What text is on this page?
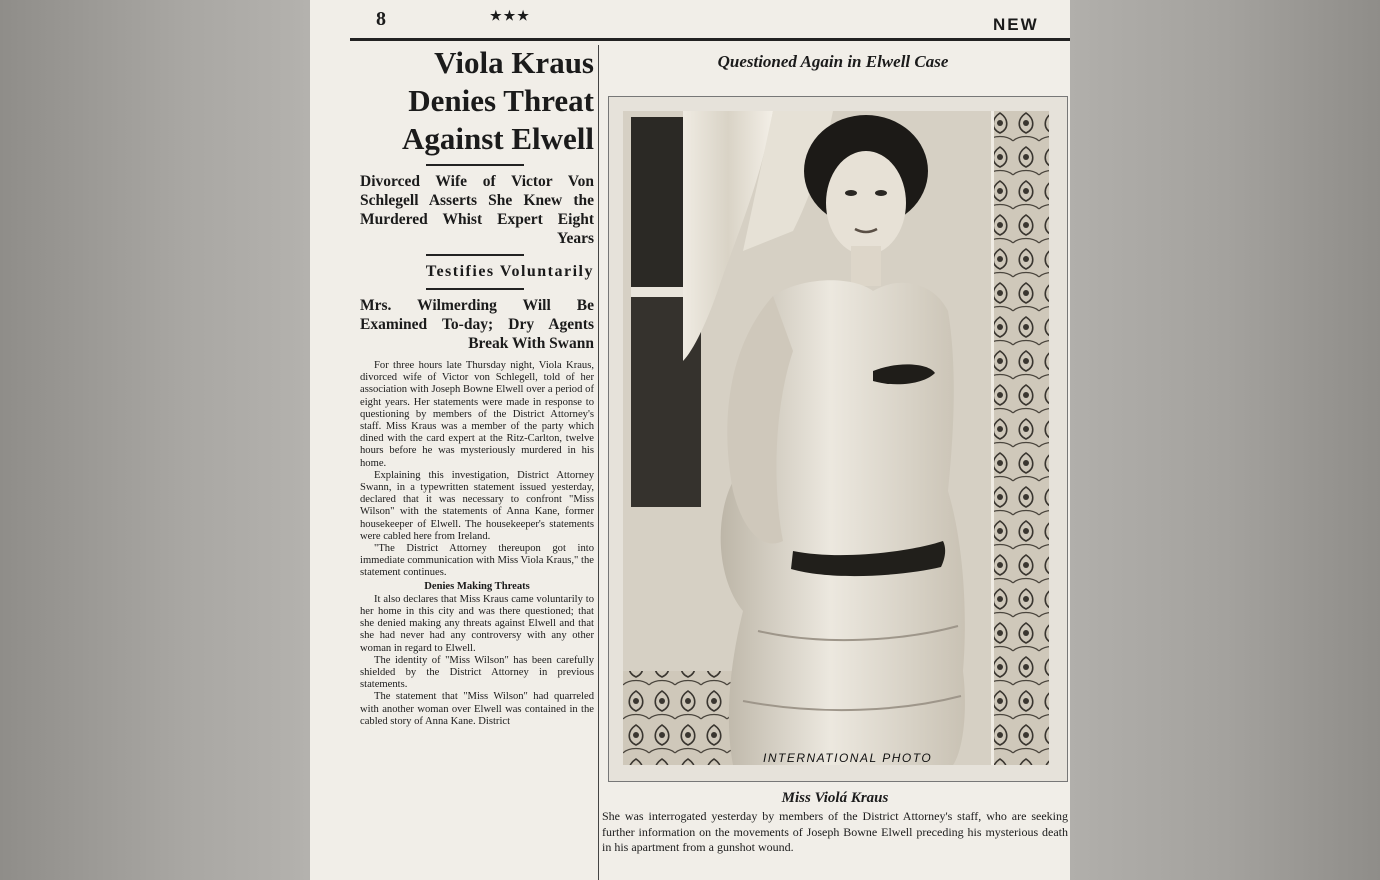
8	★★★	NEW
Viola Kraus
Denies Threat
Against Elwell

Divorced Wife of Victor Von Schlegell Asserts She Knew the Murdered Whist Expert Eight Years

Testifies Voluntarily

Mrs. Wilmerding Will Be Examined To-day; Dry Agents Break With Swann

For three hours late Thursday night, Viola Kraus, divorced wife of Victor von Schlegell, told of her association with Joseph Bowne Elwell over a period of eight years. Her statements were made in response to questioning by members of the District Attorney's staff. Miss Kraus was a member of the party which dined with the card expert at the Ritz-Carlton, twelve hours before he was mysteriously murdered in his home.

Explaining this investigation, District Attorney Swann, in a typewritten statement issued yesterday, declared that it was necessary to confront "Miss Wilson" with the statements of Anna Kane, former housekeeper of Elwell. The housekeeper's statements were cabled here from Ireland.

"The District Attorney thereupon got into immediate communication with Miss Viola Kraus," the statement continues.

Denies Making Threats

It also declares that Miss Kraus came voluntarily to her home in this city and was there questioned; that she denied making any threats against Elwell and that she had never had any controversy with any other woman in regard to Elwell.

The identity of "Miss Wilson" has been carefully shielded by the District Attorney in previous statements.

The statement that "Miss Wilson" had quarreled with another woman over Elwell was contained in the cabled story of Anna Kane. District

Questioned Again in Elwell Case
INTERNATIONAL PHOTO
Miss Violá Kraus
She was interrogated yesterday by members of the District Attorney's staff, who are seeking further information on the movements of Joseph Bowne Elwell preceding his mysterious death in his apartment from a gunshot wound.
